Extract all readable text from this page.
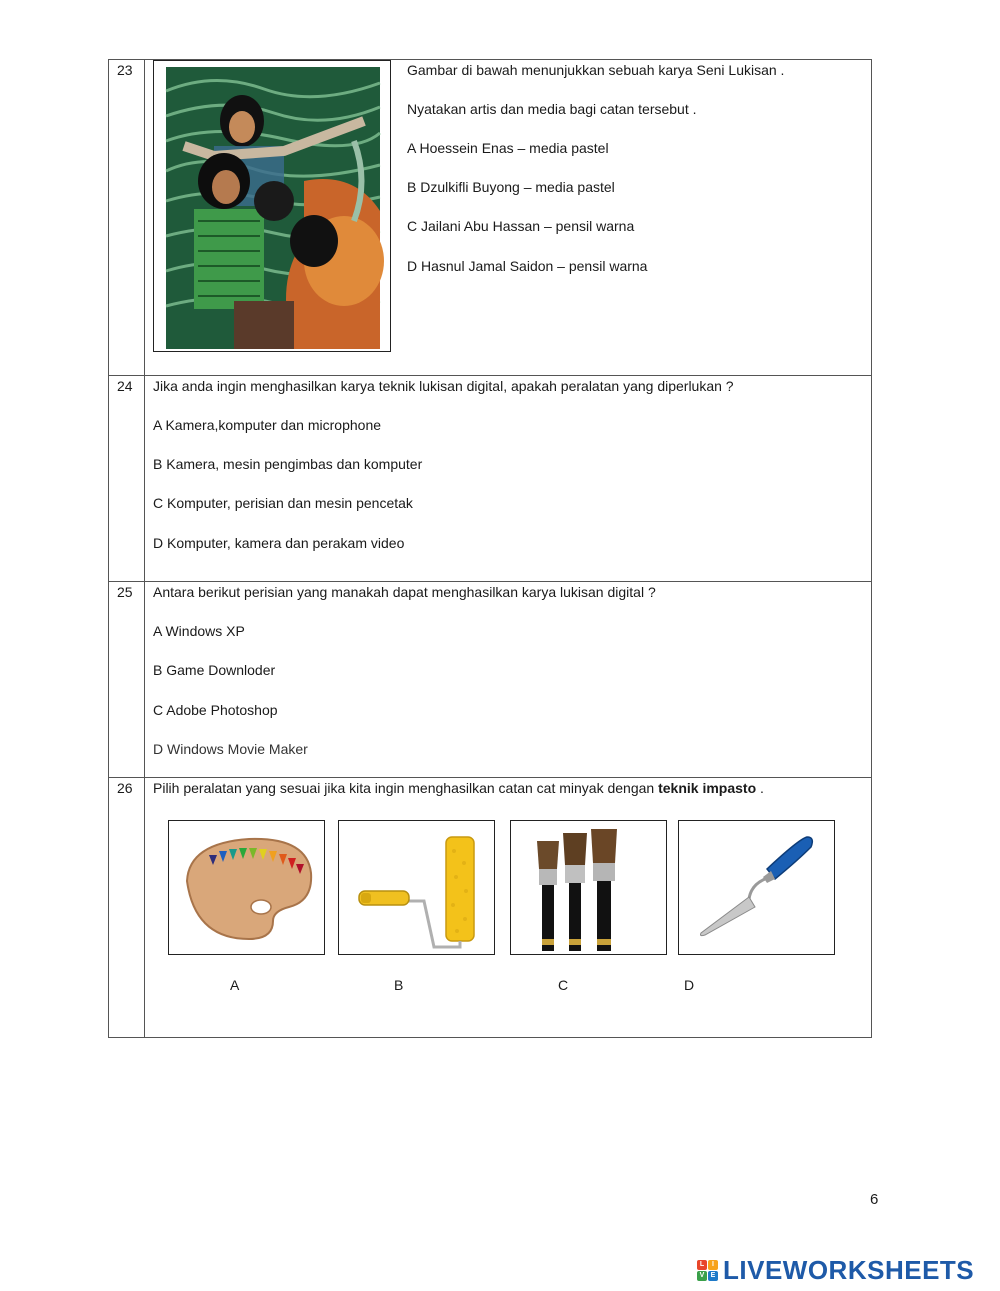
23	Gambar di bawah menunjukkan sebuah karya Seni Lukisan .
Nyatakan artis dan media bagi catan tersebut .
A Hoessein Enas – media pastel
B Dzulkifli Buyong – media pastel
C Jailani Abu Hassan – pensil warna
D Hasnul Jamal Saidon – pensil warna
24 Jika anda ingin menghasilkan karya teknik lukisan digital, apakah peralatan yang diperlukan ?
A Kamera,komputer dan microphone
B Kamera, mesin pengimbas dan komputer
C Komputer, perisian dan mesin pencetak
D Komputer, kamera dan perakam video
25 Antara berikut perisian yang manakah dapat menghasilkan karya lukisan digital ?
A Windows XP
B Game Downloder
C Adobe Photoshop
D Windows Movie Maker
26 Pilih peralatan yang sesuai jika kita ingin menghasilkan catan cat minyak dengan teknik impasto .
A	B	C	D
6
L	I
V E LIVEWORKSHEETS
